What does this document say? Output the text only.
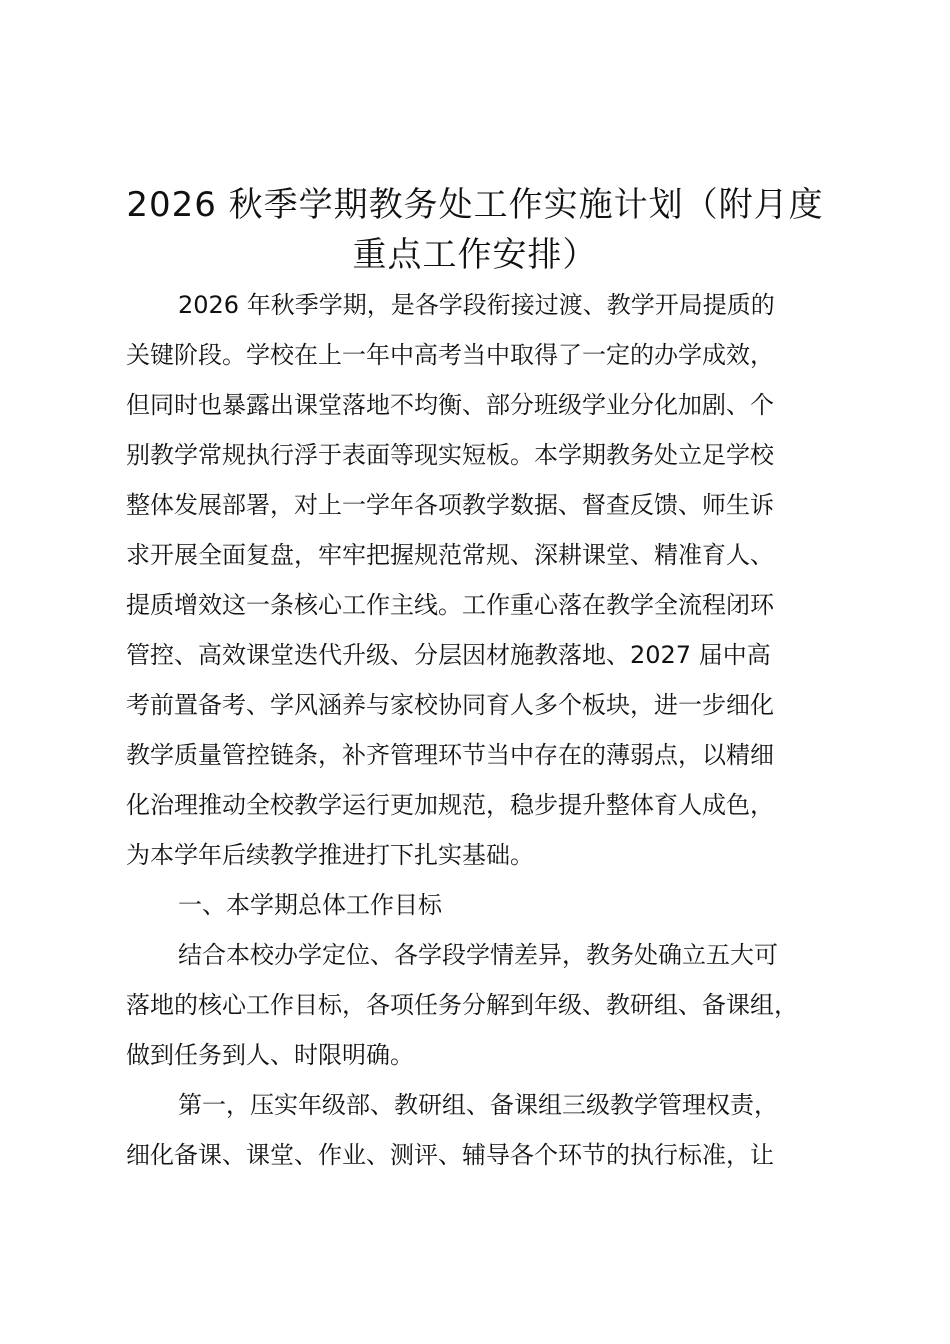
2026 秋季学期教务处工作实施计划（附月度
重点工作安排）

2026 年秋季学期，是各学段衔接过渡、教学开局提质的

关键阶段。学校在上一年中高考当中取得了一定的办学成效，
但同时也暴露出课堂落地不均衡、部分班级学业分化加剧、个
别教学常规执行浮于表面等现实短板。本学期教务处立足学校
整体发展部署，对上一学年各项教学数据、督查反馈、师生诉
求开展全面复盘，牢牢把握规范常规、深耕课堂、精准育人、
提质增效这一条核心工作主线。工作重心落在教学全流程闭环
管控、高效课堂迭代升级、分层因材施教落地、2027 届中高
考前置备考、学风涵养与家校协同育人多个板块，进一步细化
教学质量管控链条，补齐管理环节当中存在的薄弱点，以精细
化治理推动全校教学运行更加规范，稳步提升整体育人成色，
为本学年后续教学推进打下扎实基础。

一、本学期总体工作目标

结合本校办学定位、各学段学情差异，教务处确立五大可

落地的核心工作目标，各项任务分解到年级、教研组、备课组，
做到任务到人、时限明确。

第一，压实年级部、教研组、备课组三级教学管理权责，

细化备课、课堂、作业、测评、辅导各个环节的执行标准，让
